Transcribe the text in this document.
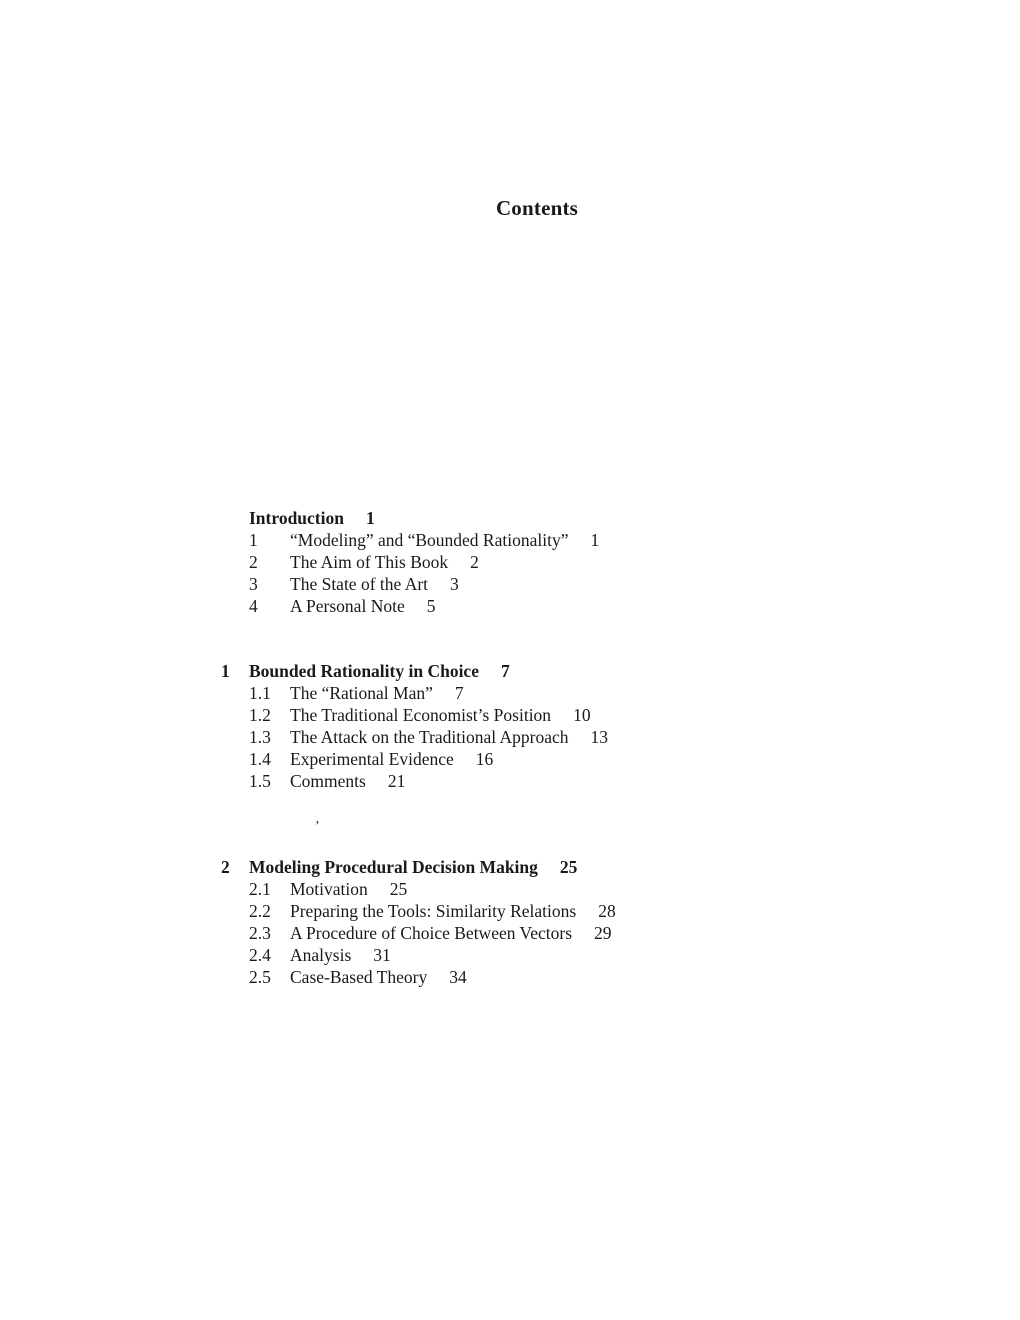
Contents
Introduction 1
1 “Modeling” and “Bounded Rationality” 1
2 The Aim of This Book 2
3 The State of the Art 3
4 A Personal Note 5
1 Bounded Rationality in Choice 7
1.1 The “Rational Man” 7
1.2 The Traditional Economist’s Position 10
1.3 The Attack on the Traditional Approach 13
1.4 Experimental Evidence 16
1.5 Comments 21
’
2 Modeling Procedural Decision Making 25
2.1 Motivation 25
2.2 Preparing the Tools: Similarity Relations 28
2.3 A Procedure of Choice Between Vectors 29
2.4 Analysis 31
2.5 Case-Based Theory 34
